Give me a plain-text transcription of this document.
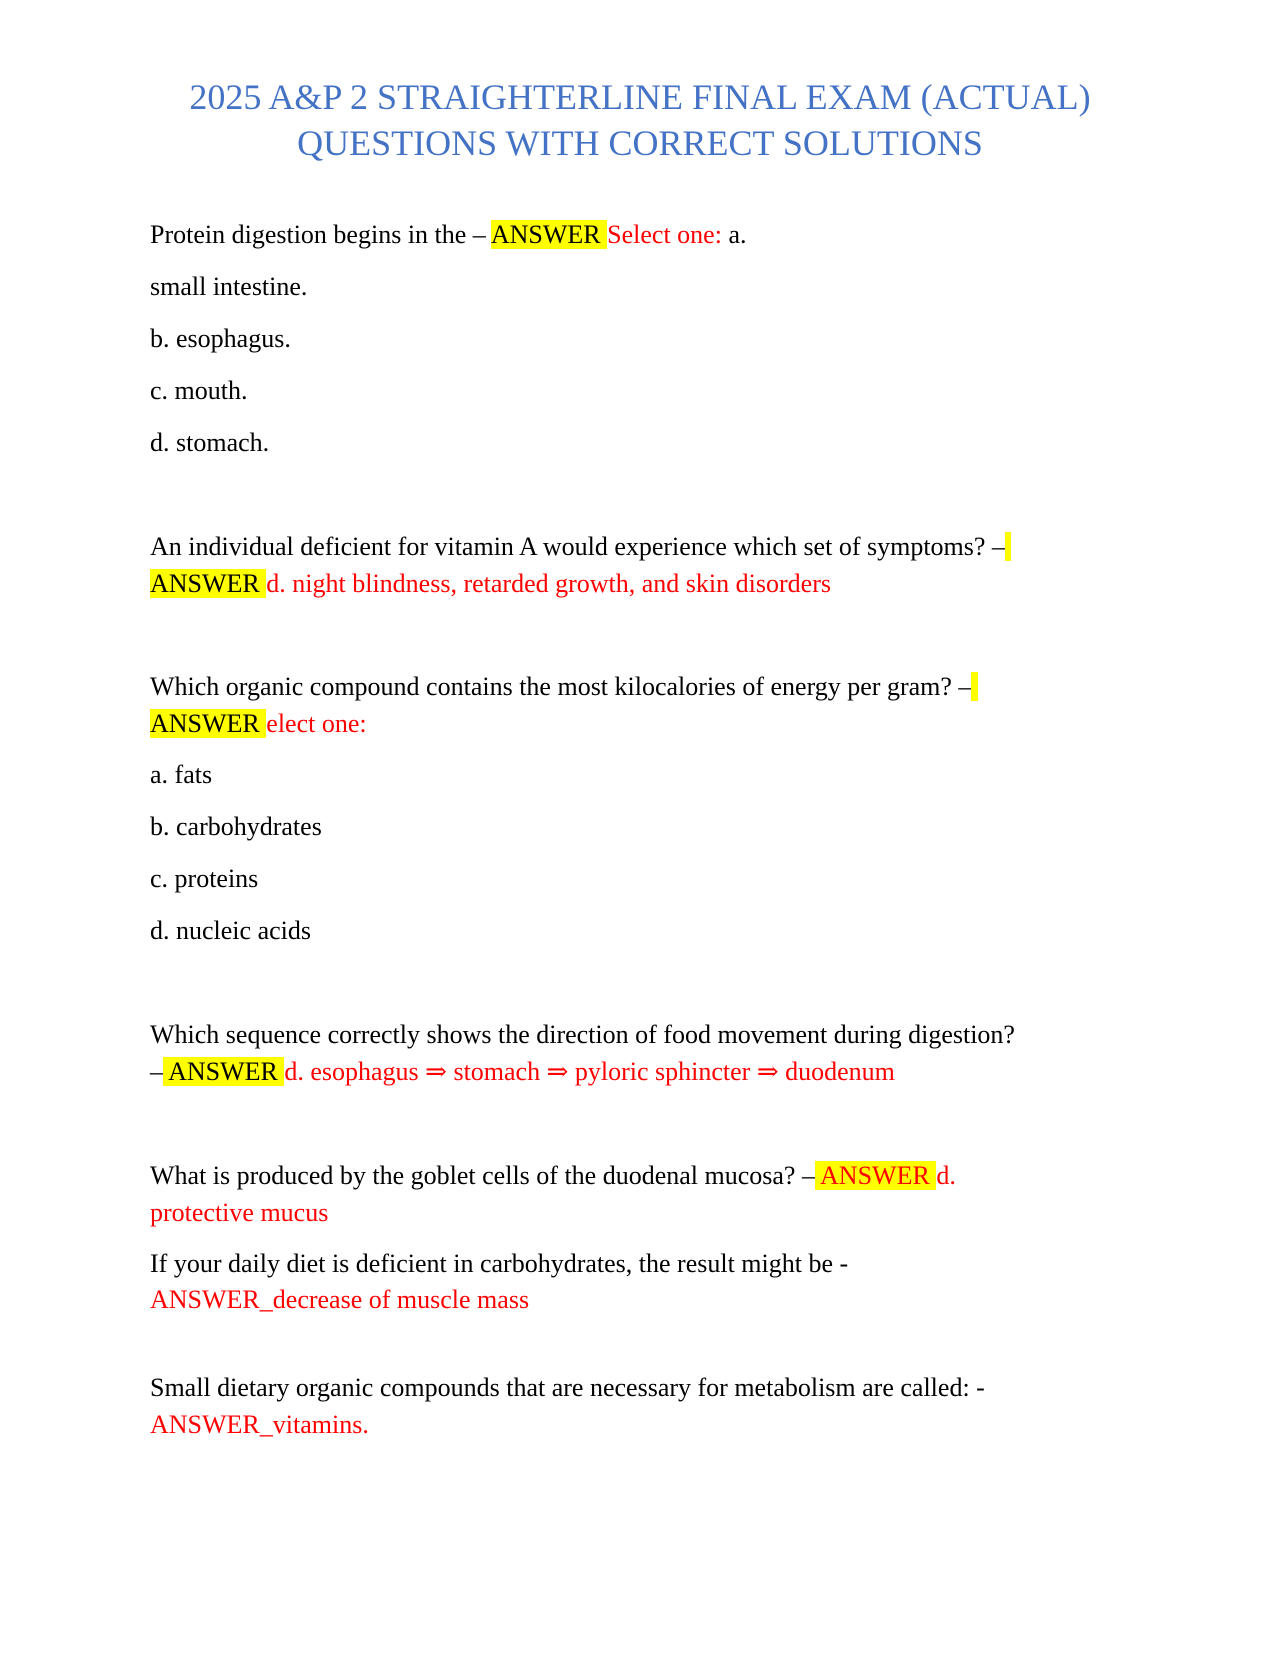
2025 A&P 2 STRAIGHTERLINE FINAL EXAM (ACTUAL)
QUESTIONS WITH CORRECT SOLUTIONS
Protein digestion begins in the – ANSWER Select one: a.
small intestine.
b. esophagus.
c. mouth.
d. stomach.
An individual deficient for vitamin A would experience which set of symptoms? –​
ANSWER d. night blindness, retarded growth, and skin disorders
Which organic compound contains the most kilocalories of energy per gram? –​
ANSWER elect one:
a. fats
b. carbohydrates
c. proteins
d. nucleic acids
Which sequence correctly shows the direction of food movement during digestion?
– ANSWER d. esophagus ⇒ stomach ⇒ pyloric sphincter ⇒ duodenum
What is produced by the goblet cells of the duodenal mucosa? – ANSWER d.
protective mucus
If your daily diet is deficient in carbohydrates, the result might be -
ANSWER_decrease of muscle mass
Small dietary organic compounds that are necessary for metabolism are called: -
ANSWER_vitamins.
